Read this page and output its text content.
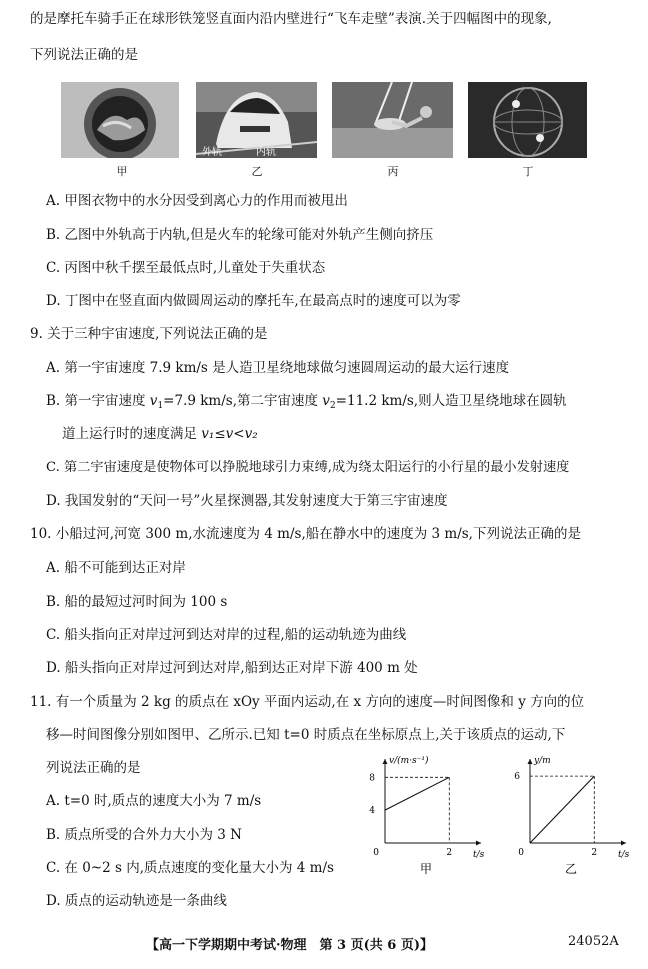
的是摩托车骑手正在球形铁笼竖直面内沿内壁进行“飞车走壁”表演.关于四幅图中的现象,
下列说法正确的是
外轨	内轨
甲	乙	丙	丁
A. 甲图衣物中的水分因受到离心力的作用而被甩出
B. 乙图中外轨高于内轨,但是火车的轮缘可能对外轨产生侧向挤压
C. 丙图中秋千摆至最低点时,儿童处于失重状态
D. 丁图中在竖直面内做圆周运动的摩托车,在最高点时的速度可以为零
9. 关于三种宇宙速度,下列说法正确的是
A. 第一宇宙速度 7.9 km/s 是人造卫星绕地球做匀速圆周运动的最大运行速度
B. 第一宇宙速度 $v_1=7.9$ km/s,第二宇宙速度 $v_2=11.2$ km/s,则人造卫星绕地球在圆轨
道上运行时的速度满足 v₁≤v<v₂
C. 第二宇宙速度是使物体可以挣脱地球引力束缚,成为绕太阳运行的小行星的最小发射速度
D. 我国发射的“天问一号”火星探测器,其发射速度大于第三宇宙速度
10. 小船过河,河宽 300 m,水流速度为 4 m/s,船在静水中的速度为 3 m/s,下列说法正确的是
A. 船不可能到达正对岸
B. 船的最短过河时间为 100 s
C. 船头指向正对岸过河到达对岸的过程,船的运动轨迹为曲线
D. 船头指向正对岸过河到达对岸,船到达正对岸下游 400 m 处
11. 有一个质量为 2 kg 的质点在 xOy 平面内运动,在 x 方向的速度—时间图像和 y 方向的位
移—时间图像分别如图甲、乙所示.已知 t=0 时质点在坐标原点上,关于该质点的运动,下
列说法正确的是
A. t=0 时,质点的速度大小为 7 m/s
B. 质点所受的合外力大小为 3 N
C. 在 0~2 s 内,质点速度的变化量大小为 4 m/s
D. 质点的运动轨迹是一条曲线
v/(m·s⁻¹)
t/s
8
4
0	2
甲
y/m
t/s
6
0	2
乙
【高一下学期期中考试·物理　第 3 页(共 6 页)】	24052A
